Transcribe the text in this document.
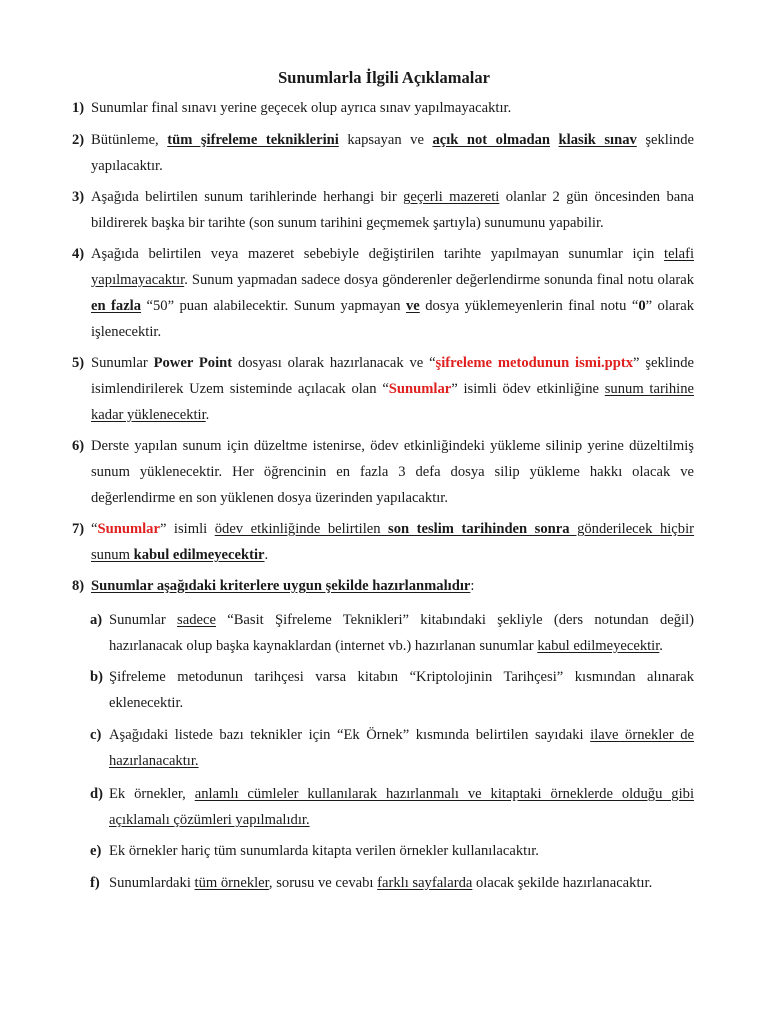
Sunumlarla İlgili Açıklamalar
1) Sunumlar final sınavı yerine geçecek olup ayrıca sınav yapılmayacaktır.
2) Bütünleme, tüm şifreleme tekniklerini kapsayan ve açık not olmadan klasik sınav şeklinde yapılacaktır.
3) Aşağıda belirtilen sunum tarihlerinde herhangi bir geçerli mazereti olanlar 2 gün öncesinden bana bildirerek başka bir tarihte (son sunum tarihini geçmemek şartıyla) sunumunu yapabilir.
4) Aşağıda belirtilen veya mazeret sebebiyle değiştirilen tarihte yapılmayan sunumlar için telafi yapılmayacaktır. Sunum yapmadan sadece dosya gönderenler değerlendirme sonunda final notu olarak en fazla “50” puan alabilecektir. Sunum yapmayan ve dosya yüklemeyenlerin final notu “0” olarak işlenecektir.
5) Sunumlar Power Point dosyası olarak hazırlanacak ve “şifreleme metodunun ismi.pptx” şeklinde isimlendirilerek Uzem sisteminde açılacak olan “Sunumlar” isimli ödev etkinliğine sunum tarihine kadar yüklenecektir.
6) Derste yapılan sunum için düzeltme istenirse, ödev etkinliğindeki yükleme silinip yerine düzeltilmiş sunum yüklenecektir. Her öğrencinin en fazla 3 defa dosya silip yükleme hakkı olacak ve değerlendirme en son yüklenen dosya üzerinden yapılacaktır.
7) “Sunumlar” isimli ödev etkinliğinde belirtilen son teslim tarihinden sonra gönderilecek hiçbir sunum kabul edilmeyecektir.
8) Sunumlar aşağıdaki kriterlere uygun şekilde hazırlanmalıdır:
a) Sunumlar sadece “Basit Şifreleme Teknikleri” kitabındaki şekliyle (ders notundan değil) hazırlanacak olup başka kaynaklardan (internet vb.) hazırlanan sunumlar kabul edilmeyecektir.
b) Şifreleme metodunun tarihçesi varsa kitabın “Kriptolojinin Tarihçesi” kısmından alınarak eklenecektir.
c) Aşağıdaki listede bazı teknikler için “Ek Örnek” kısmında belirtilen sayıdaki ilave örnekler de hazırlanacaktır.
d) Ek örnekler, anlamlı cümleler kullanılarak hazırlanmalı ve kitaptaki örneklerde olduğu gibi açıklamalı çözümleri yapılmalıdır.
e) Ek örnekler hariç tüm sunumlarda kitapta verilen örnekler kullanılacaktır.
f) Sunumlardaki tüm örnekler, sorusu ve cevabı farklı sayfalarda olacak şekilde hazırlanacaktır.
